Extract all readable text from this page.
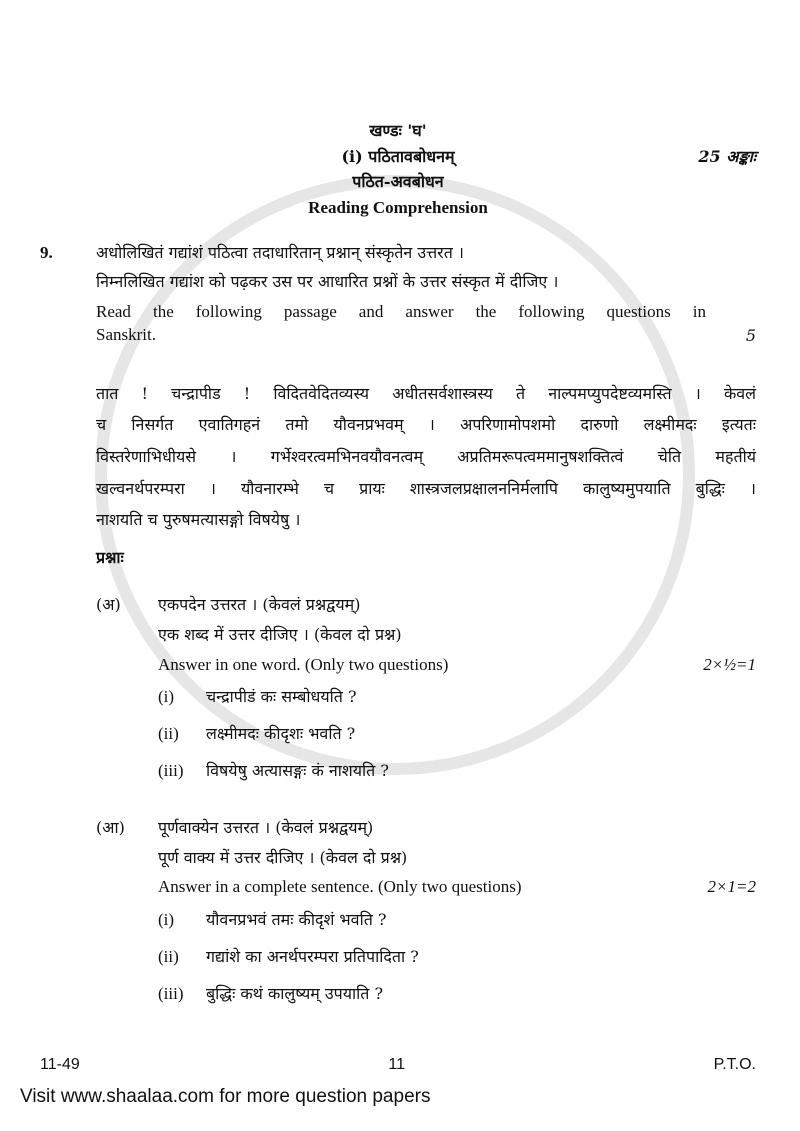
खण्डः 'घ'
(i) पठितावबोधनम्	25 अङ्काः
पठित-अवबोधन
Reading Comprehension
9.	अधोलिखितं गद्यांशं पठित्वा तदाधारितान् प्रश्नान् संस्कृतेन उत्तरत ।
निम्नलिखित गद्यांश को पढ़कर उस पर आधारित प्रश्नों के उत्तर संस्कृत में दीजिए ।
Read the following passage and answer the following questions in
Sanskrit.	5
तात ! चन्द्रापीड ! विदितवेदितव्यस्य अधीतसर्वशास्त्रस्य ते नाल्पमप्युपदेष्टव्यमस्ति । केवलं
च निसर्गत एवातिगहनं तमो यौवनप्रभवम् । अपरिणामोपशमो दारुणो लक्ष्मीमदः इत्यतः
विस्तरेणाभिधीयसे । गर्भेश्वरत्वमभिनवयौवनत्वम् अप्रतिमरूपत्वममानुषशक्तित्वं चेति महतीयं
खल्वनर्थपरम्परा । यौवनारम्भे च प्रायः शास्त्रजलप्रक्षालननिर्मलापि कालुष्यमुपयाति बुद्धिः ।
नाशयति च पुरुषमत्यासङ्गो विषयेषु ।
प्रश्नाः
(अ)	एकपदेन उत्तरत । (केवलं प्रश्नद्वयम्)
एक शब्द में उत्तर दीजिए । (केवल दो प्रश्न)
Answer in one word. (Only two questions)	2×½=1
(i)	चन्द्रापीडं कः सम्बोधयति ?
(ii)	लक्ष्मीमदः कीदृशः भवति ?
(iii)	विषयेषु अत्यासङ्गः कं नाशयति ?
(आ)	पूर्णवाक्येन उत्तरत । (केवलं प्रश्नद्वयम्)
पूर्ण वाक्य में उत्तर दीजिए । (केवल दो प्रश्न)
Answer in a complete sentence. (Only two questions)	2×1=2
(i)	यौवनप्रभवं तमः कीदृशं भवति ?
(ii)	गद्यांशे का अनर्थपरम्परा प्रतिपादिता ?
(iii)	बुद्धिः कथं कालुष्यम् उपयाति ?
11-49	11	P.T.O.
Visit www.shaalaa.com for more question papers
